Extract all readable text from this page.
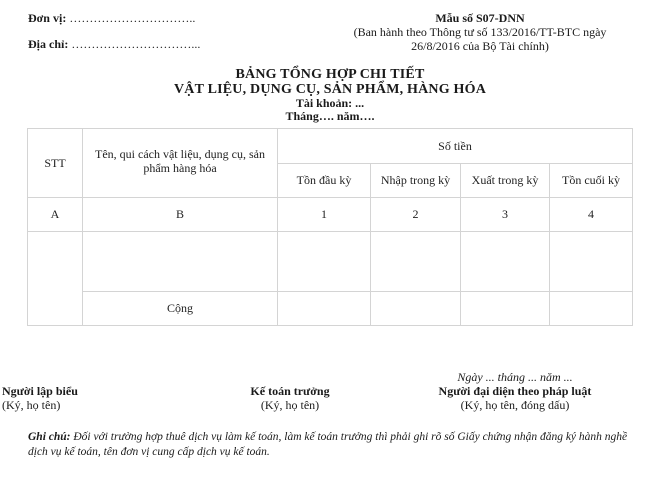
Đơn vị: …………………………..
Địa chỉ: …………………………...
Mẫu số S07-DNN
(Ban hành theo Thông tư số 133/2016/TT-BTC ngày
26/8/2016 của Bộ Tài chính)
BẢNG TỔNG HỢP CHI TIẾT
VẬT LIỆU, DỤNG CỤ, SẢN PHẨM, HÀNG HÓA
Tài khoản: ...
Tháng…. năm….
STT	Tên, qui cách vật liệu, dụng cụ, sản phẩm hàng hóa	Số tiền			
		Tồn đầu kỳ	Nhập trong kỳ	Xuất trong kỳ	Tồn cuối kỳ
A	B	1	2	3	4

	Cộng				
Ngày ... tháng ... năm ...
Người lập biểu
(Ký, họ tên)
Kế toán trưởng
(Ký, họ tên)
Người đại diện theo pháp luật
(Ký, họ tên, đóng dấu)
Ghi chú: Đối với trường hợp thuê dịch vụ làm kế toán, làm kế toán trưởng thì phải ghi rõ số Giấy chứng nhận đăng ký hành nghề dịch vụ kế toán, tên đơn vị cung cấp dịch vụ kế toán.
